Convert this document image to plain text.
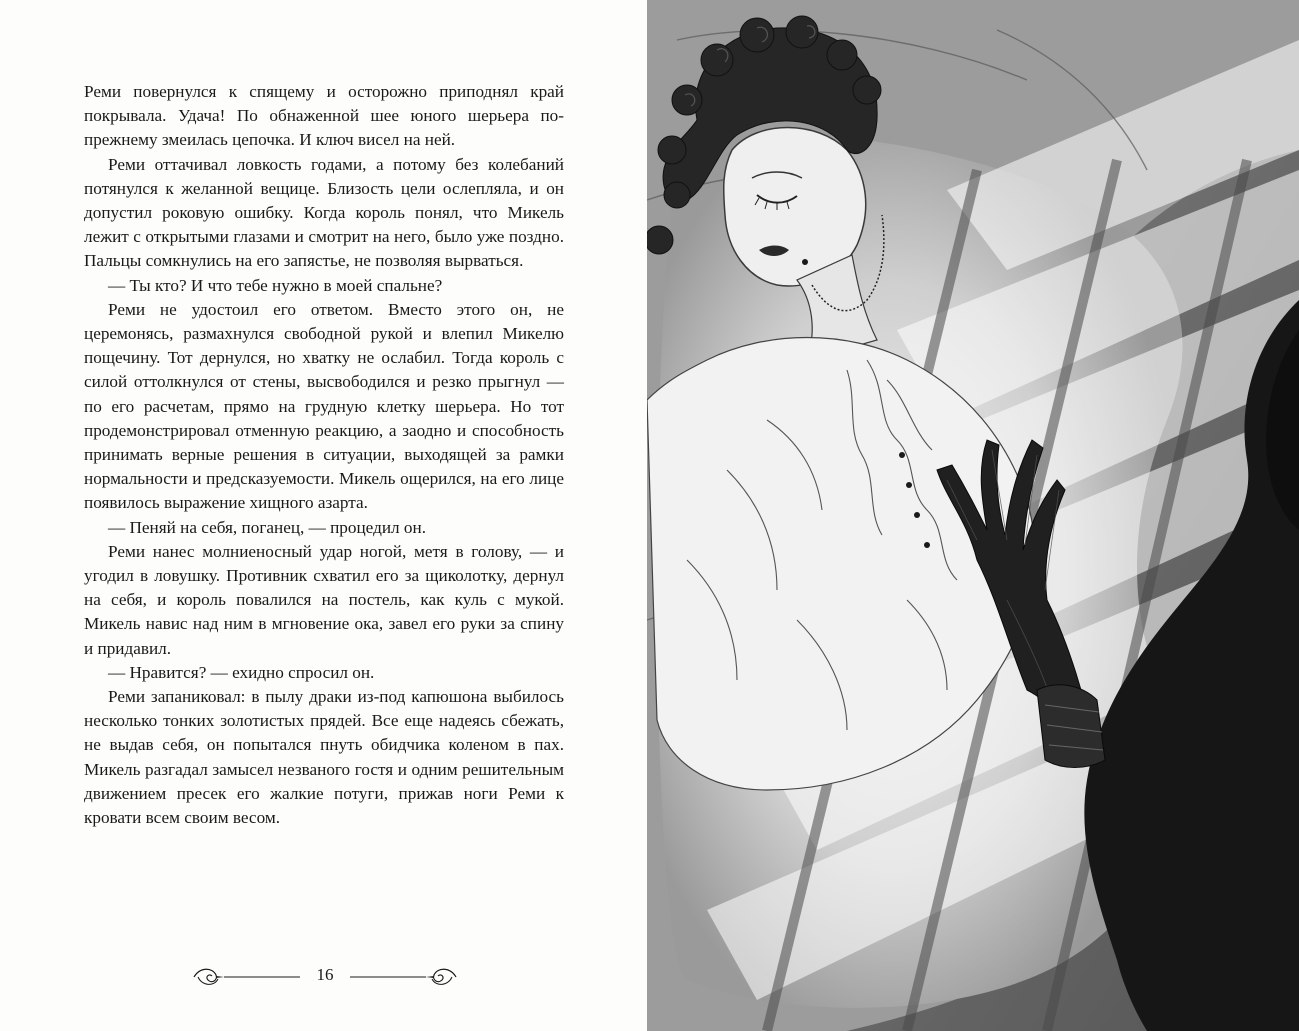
Реми повернулся к спящему и осторожно приподнял край покрывала. Удача! По обнаженной шее юного шерьера по-прежнему змеилась цепочка. И ключ висел на ней.

Реми оттачивал ловкость годами, а потому без колебаний потянулся к желанной вещице. Близость цели ослепляла, и он допустил роковую ошибку. Когда король понял, что Микель лежит с открытыми глазами и смотрит на него, было уже поздно. Пальцы сомкнулись на его запястье, не позволяя вырваться.

— Ты кто? И что тебе нужно в моей спальне?

Реми не удостоил его ответом. Вместо этого он, не церемонясь, размахнулся свободной рукой и влепил Микелю пощечину. Тот дернулся, но хватку не ослабил. Тогда король с силой оттолкнулся от стены, высвободился и резко прыгнул — по его расчетам, прямо на грудную клетку шерьера. Но тот продемонстрировал отменную реакцию, а заодно и способность принимать верные решения в ситуации, выходящей за рамки нормальности и предсказуемости. Микель ощерился, на его лице появилось выражение хищного азарта.

— Пеняй на себя, поганец, — процедил он.

Реми нанес молниеносный удар ногой, метя в голову, — и угодил в ловушку. Противник схватил его за щиколотку, дернул на себя, и король повалился на постель, как куль с мукой. Микель навис над ним в мгновение ока, завел его руки за спину и придавил.

— Нравится? — ехидно спросил он.

Реми запаниковал: в пылу драки из-под капюшона выбилось несколько тонких золотистых прядей. Все еще надеясь сбежать, не выдав себя, он попытался пнуть обидчика коленом в пах. Микель разгадал замысел незваного гостя и одним решительным движением пресек его жалкие потуги, прижав ноги Реми к кровати всем своим весом.

16
